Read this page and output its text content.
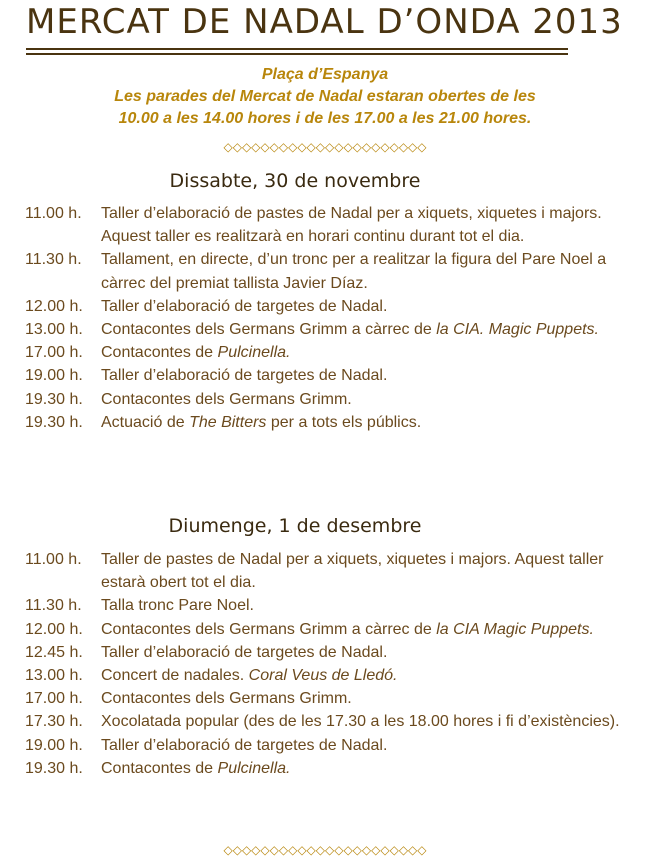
MERCAT DE NADAL D’ONDA 2013
Plaça d’Espanya
Les parades del Mercat de Nadal estaran obertes de les
10.00 a les 14.00 hores i de les 17.00 a les 21.00 hores.
◇◇◇◇◇◇◇◇◇◇◇◇◇◇◇◇◇◇◇◇◇◇
Dissabte, 30 de novembre
11.00 h.	Taller d’elaboració de pastes de Nadal per a xiquets, xiquetes i majors. Aquest taller es realitzarà en horari continu durant tot el dia.
11.30 h.	Tallament, en directe, d’un tronc per a realitzar la figura del Pare Noel a càrrec del premiat tallista Javier Díaz.
12.00 h.	Taller d’elaboració de targetes de Nadal.
13.00 h.	Contacontes dels Germans Grimm a càrrec de la CIA. Magic Puppets.
17.00 h.	Contacontes de Pulcinella.
19.00 h.	Taller d’elaboració de targetes de Nadal.
19.30 h.	Contacontes dels Germans Grimm.
19.30 h.	Actuació de The Bitters per a tots els públics.
Diumenge, 1 de desembre
11.00 h.	Taller de pastes de Nadal per a xiquets, xiquetes i majors. Aquest taller estarà obert tot el dia.
11.30 h.	Talla tronc Pare Noel.
12.00 h.	Contacontes dels Germans Grimm a càrrec de la CIA Magic Puppets.
12.45 h.	Taller d’elaboració de targetes de Nadal.
13.00 h.	Concert de nadales. Coral Veus de Lledó.
17.00 h.	Contacontes dels Germans Grimm.
17.30 h.	Xocolatada popular (des de les 17.30 a les 18.00 hores i fi d’existències).
19.00 h.	Taller d’elaboració de targetes de Nadal.
19.30 h.	Contacontes de Pulcinella.
◇◇◇◇◇◇◇◇◇◇◇◇◇◇◇◇◇◇◇◇◇◇
